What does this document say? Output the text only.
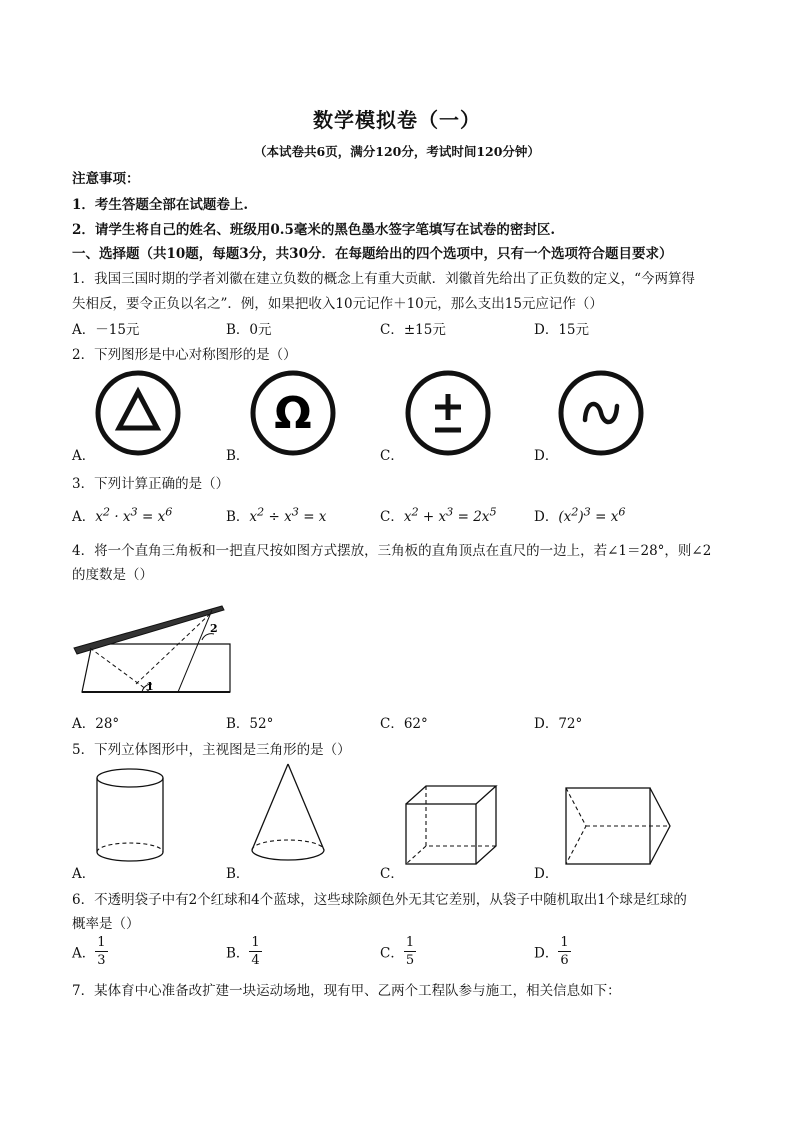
数学模拟卷（一）
（本试卷共6页，满分120分，考试时间120分钟）
注意事项：
1．考生答题全部在试题卷上.
2．请学生将自己的姓名、班级用0.5毫米的黑色墨水签字笔填写在试卷的密封区.
一、选择题（共10题，每题3分，共30分．在每题给出的四个选项中，只有一个选项符合题目要求）
1．我国三国时期的学者刘徽在建立负数的概念上有重大贡献．刘徽首先给出了正负数的定义，“今两算得
失相反，要令正负以名之”．例，如果把收入10元记作＋10元，那么支出15元应记作（）
A．－15元	B．0元	C．±15元	D．15元
2．下列图形是中心对称图形的是（）
Ω
A．	B．	C．	D．
3．下列计算正确的是（）
A．$x^2 \cdot x^3 = x^6$	B．$x^2 \div x^3 = x$	C．$x^2 + x^3 = 2x^5$	D．$(x^2)^3 = x^6$
4．将一个直角三角板和一把直尺按如图方式摆放，三角板的直角顶点在直尺的一边上，若∠1＝28°，则∠2
的度数是（）
1
2
A．28°	B．52°	C．62°	D．72°
5．下列立体图形中，主视图是三角形的是（）
A．	B．	C．	D．
6．不透明袋子中有2个红球和4个蓝球，这些球除颜色外无其它差别，从袋子中随机取出1个球是红球的
概率是（）
A． $\frac{1}{3}$	B． $\frac{1}{4}$	C． $\frac{1}{5}$	D． $\frac{1}{6}$
7．某体育中心准备改扩建一块运动场地，现有甲、乙两个工程队参与施工，相关信息如下：
